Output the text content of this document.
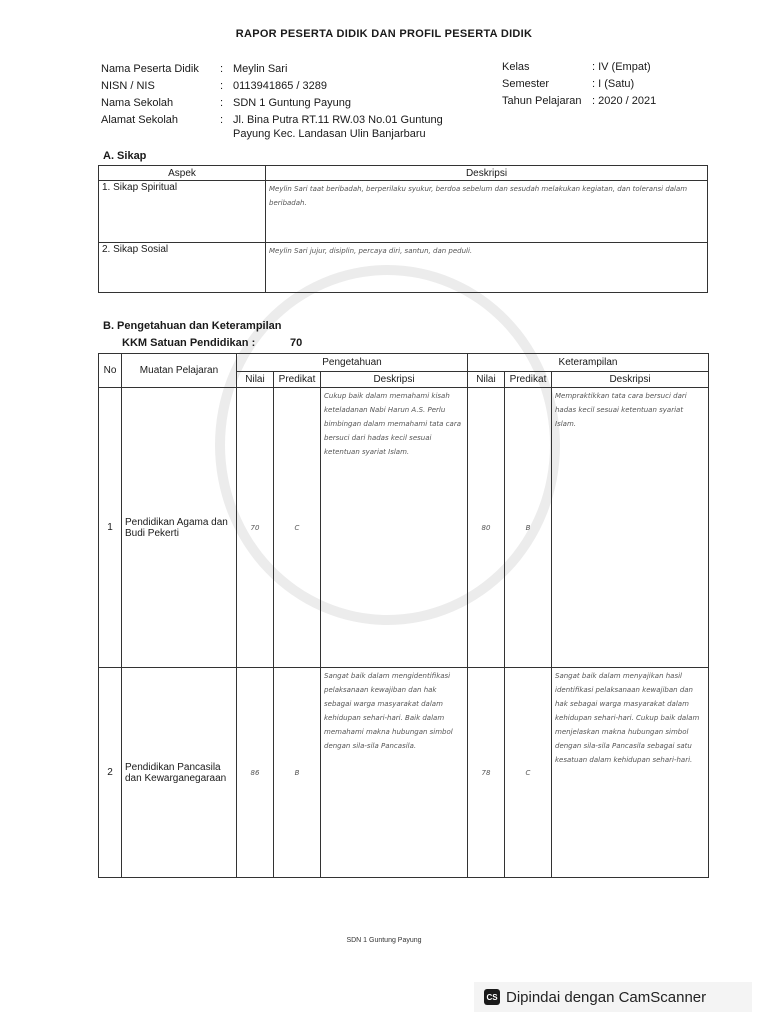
RAPOR PESERTA DIDIK DAN PROFIL PESERTA DIDIK
Nama Peserta Didik : Meylin Sari
NISN / NIS	: 0113941865 / 3289
Nama Sekolah	: SDN 1 Guntung Payung
Alamat Sekolah	: Jl. Bina Putra RT.11 RW.03 No.01 Guntung
Payung Kec. Landasan Ulin Banjarbaru
Kelas	: IV (Empat)
Semester	: I (Satu)
Tahun Pelajaran : 2020 / 2021
A. Sikap
Aspek	Deskripsi
1. Sikap Spiritual	Meylin Sari taat beribadah, berperilaku syukur, berdoa sebelum dan sesudah melakukan kegiatan, dan toleransi dalam beribadah.
2. Sikap Sosial	Meylin Sari jujur, disiplin, percaya diri, santun, dan peduli.
B. Pengetahuan dan Keterampilan
KKM Satuan Pendidikan :	70
No	Muatan Pelajaran	Pengetahuan			Keterampilan		
		Nilai	Predikat	Deskripsi	Nilai	Predikat	Deskripsi
1	Pendidikan Agama dan Budi Pekerti	70	C	Cukup baik dalam memahami kisah keteladanan Nabi Harun A.S. Perlu bimbingan dalam memahami tata cara bersuci dari hadas kecil sesuai ketentuan syariat Islam.	80	B	Mempraktikkan tata cara bersuci dari hadas kecil sesuai ketentuan syariat Islam.
2	Pendidikan Pancasila dan Kewarganegaraan	86	B	Sangat baik dalam mengidentifikasi pelaksanaan kewajiban dan hak sebagai warga masyarakat dalam kehidupan sehari-hari. Baik dalam memahami makna hubungan simbol dengan sila-sila Pancasila.	78	C	Sangat baik dalam menyajikan hasil identifikasi pelaksanaan kewajiban dan hak sebagai warga masyarakat dalam kehidupan sehari-hari. Cukup baik dalam menjelaskan makna hubungan simbol dengan sila-sila Pancasila sebagai satu kesatuan dalam kehidupan sehari-hari.
SDN 1 Guntung Payung
CS Dipindai dengan CamScanner
